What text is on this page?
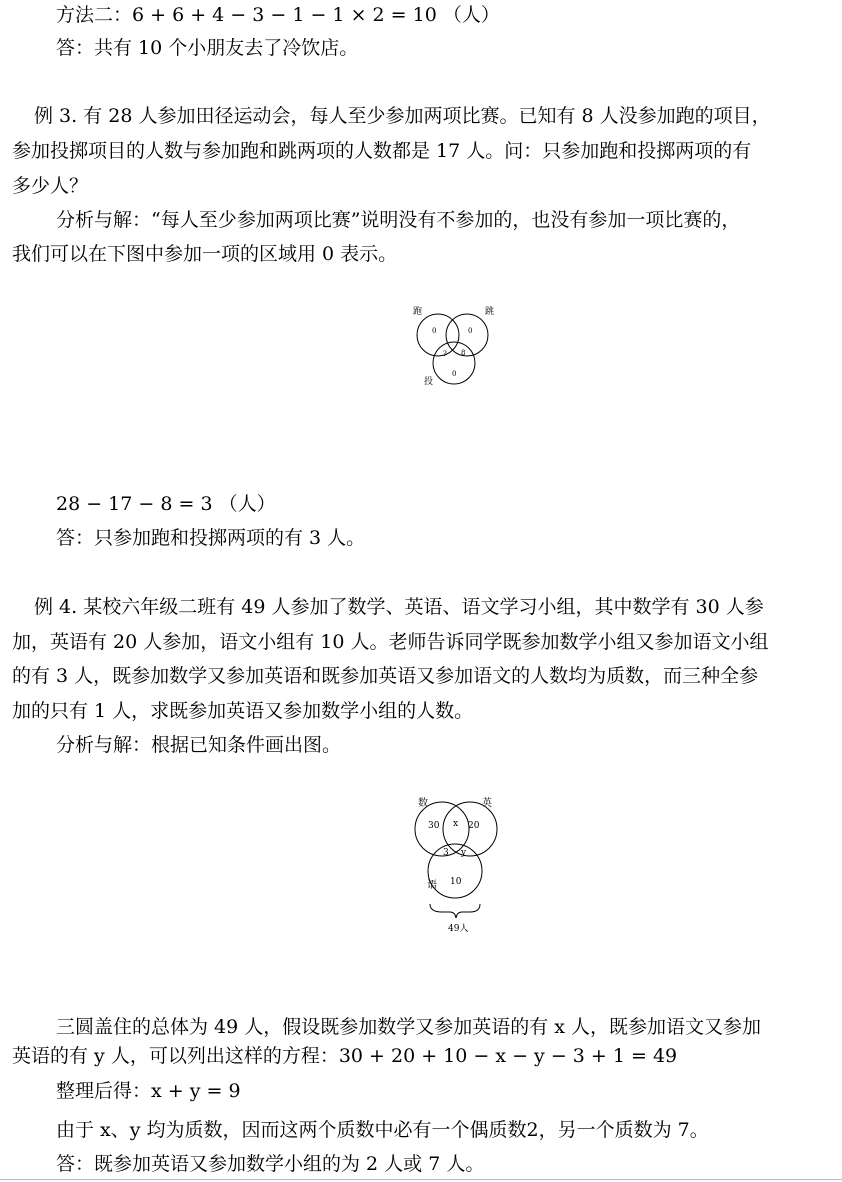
方法二：6 + 6 + 4 − 3 − 1 − 1 × 2 = 10 （人）
答：共有 10 个小朋友去了冷饮店。
例 3. 有 28 人参加田径运动会，每人至少参加两项比赛。已知有 8 人没参加跑的项目，
参加投掷项目的人数与参加跑和跳两项的人数都是 17 人。问：只参加跑和投掷两项的有
多少人？
分析与解：“每人至少参加两项比赛”说明没有不参加的，也没有参加一项比赛的，
我们可以在下图中参加一项的区域用 0 表示。
跑	跳
投
0	0
? 8
0
28 − 17 − 8 = 3 （人）
答：只参加跑和投掷两项的有 3 人。
例 4. 某校六年级二班有 49 人参加了数学、英语、语文学习小组，其中数学有 30 人参
加，英语有 20 人参加，语文小组有 10 人。老师告诉同学既参加数学小组又参加语文小组
的有 3 人，既参加数学又参加英语和既参加英语又参加语文的人数均为质数，而三种全参
加的只有 1 人，求既参加英语又参加数学小组的人数。
分析与解：根据已知条件画出图。
数	英
语
30 x 20
3 y
10
49人
三圆盖住的总体为 49 人，假设既参加数学又参加英语的有 x 人，既参加语文又参加
英语的有 y 人，可以列出这样的方程：30 + 20 + 10 − x − y − 3 + 1 = 49
整理后得：x + y = 9
由于 x、y 均为质数，因而这两个质数中必有一个偶质数2，另一个质数为 7。
答：既参加英语又参加数学小组的为 2 人或 7 人。
